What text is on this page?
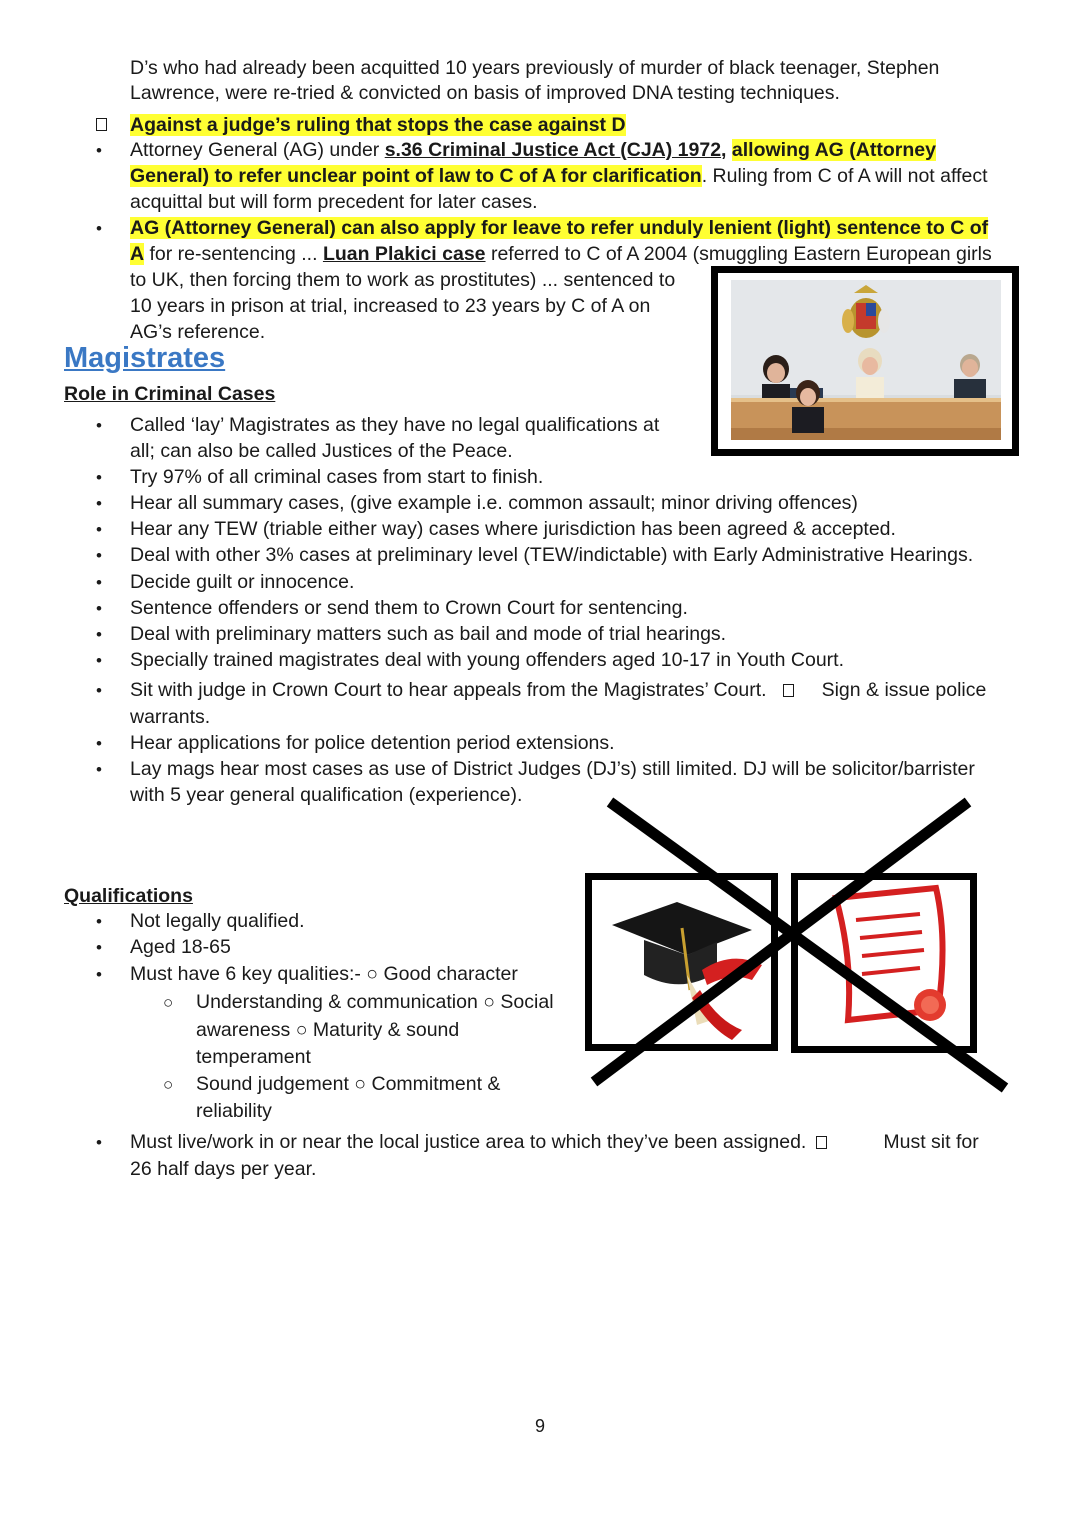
D’s who had already been acquitted 10 years previously of murder of black teenager, Stephen
Lawrence, were re-tried & convicted on basis of improved DNA testing techniques.
Against a judge’s ruling that stops the case against D
• Attorney General (AG) under s.36 Criminal Justice Act (CJA) 1972, allowing AG (Attorney
General) to refer unclear point of law to C of A for clarification. Ruling from C of A will not affect
acquittal but will form precedent for later cases.
• AG (Attorney General) can also apply for leave to refer unduly lenient (light) sentence to C of
A for re-sentencing ... Luan Plakici case referred to C of A 2004 (smuggling Eastern European girls
to UK, then forcing them to work as prostitutes) ... sentenced to
10 years in prison at trial, increased to 23 years by C of A on
AG’s reference.
Magistrates
Role in Criminal Cases
• Called ‘lay’ Magistrates as they have no legal qualifications at
all; can also be called Justices of the Peace.
• Try 97% of all criminal cases from start to finish.
• Hear all summary cases, (give example i.e. common assault; minor driving offences)
• Hear any TEW (triable either way) cases where jurisdiction has been agreed & accepted.
• Deal with other 3% cases at preliminary level (TEW/indictable) with Early Administrative Hearings.
• Decide guilt or innocence.
• Sentence offenders or send them to Crown Court for sentencing.
• Deal with preliminary matters such as bail and mode of trial hearings.
• Specially trained magistrates deal with young offenders aged 10-17 in Youth Court.
• Sit with judge in Crown Court to hear appeals from the Magistrates’ Court.	Sign & issue police
warrants.
• Hear applications for police detention period extensions.
• Lay mags hear most cases as use of District Judges (DJ’s) still limited. DJ will be solicitor/barrister
with 5 year general qualification (experience).
Qualifications
• Not legally qualified.
• Aged 18-65
• Must have 6 key qualities:- ○ Good character
○ Understanding & communication ○ Social
awareness ○ Maturity & sound
temperament
○ Sound judgement ○ Commitment &
reliability
• Must live/work in or near the local justice area to which they’ve been assigned.	Must sit for
26 half days per year.
9
